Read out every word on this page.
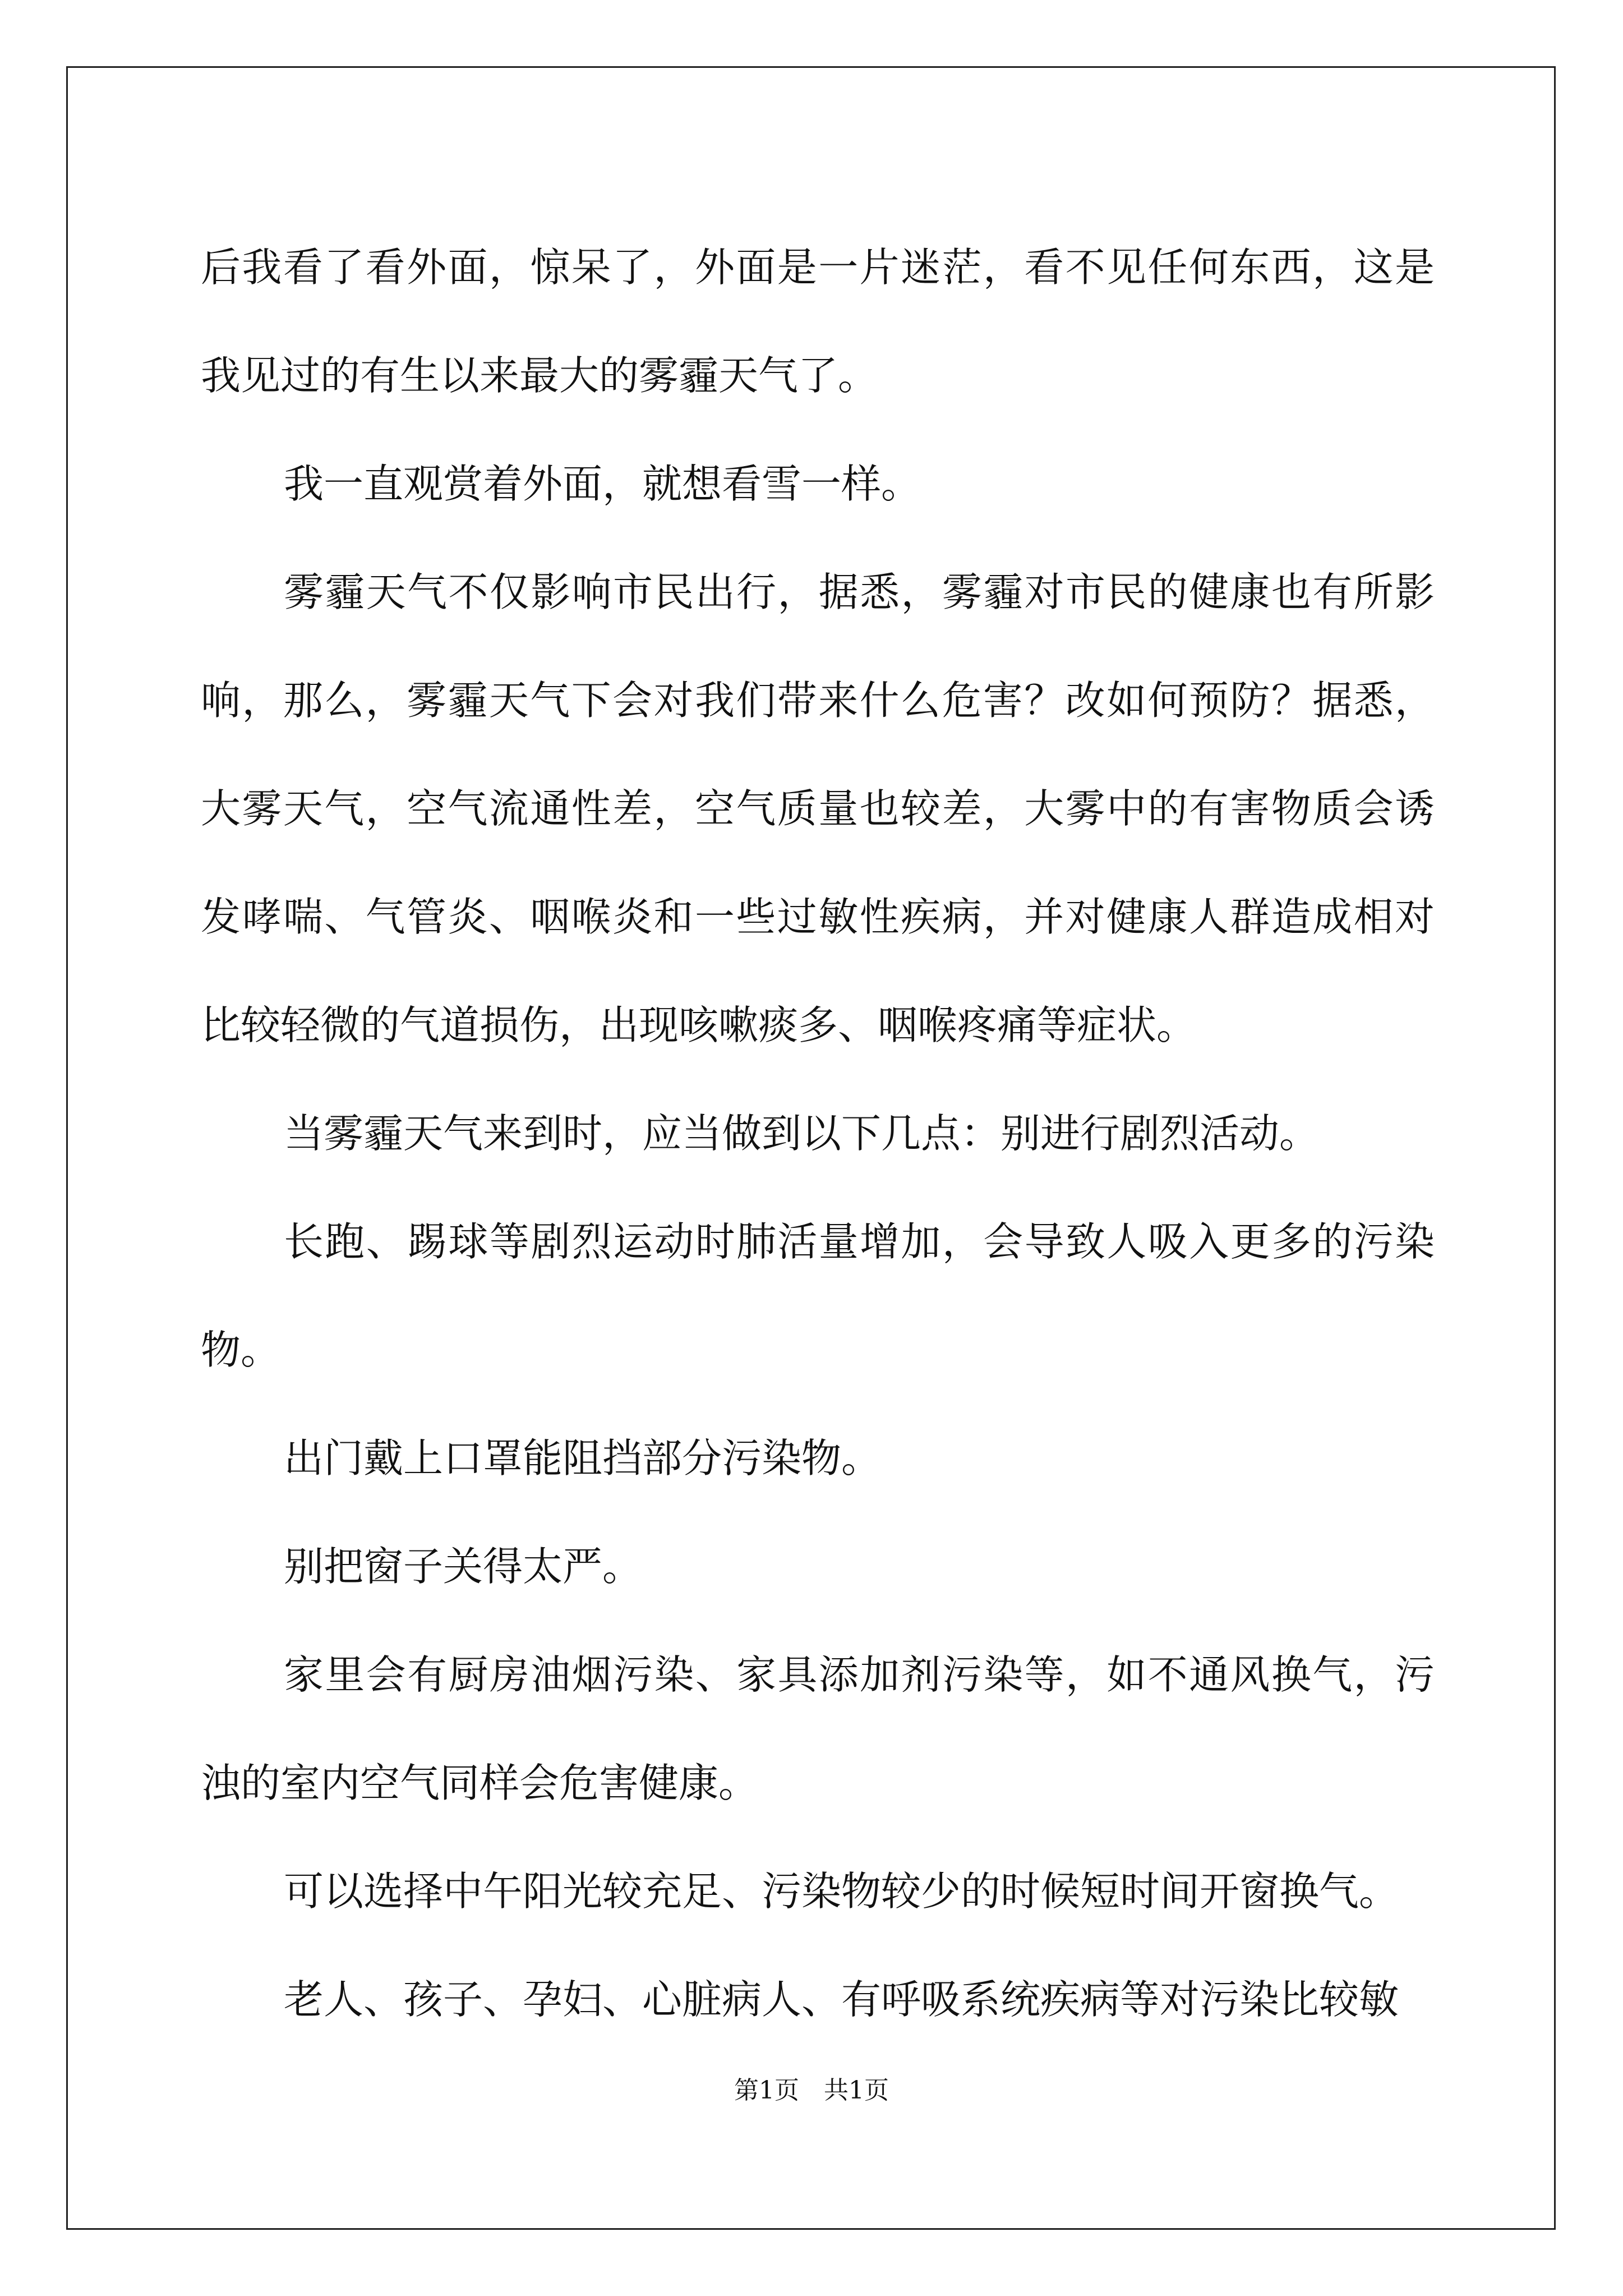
后我看了看外面，惊呆了，外面是一片迷茫，看不见任何东西，这是我见过的有生以来最大的雾霾天气了。

我一直观赏着外面，就想看雪一样。

雾霾天气不仅影响市民出行，据悉，雾霾对市民的健康也有所影响，那么，雾霾天气下会对我们带来什么危害？改如何预防？据悉，大雾天气，空气流通性差，空气质量也较差，大雾中的有害物质会诱发哮喘、气管炎、咽喉炎和一些过敏性疾病，并对健康人群造成相对比较轻微的气道损伤，出现咳嗽痰多、咽喉疼痛等症状。

当雾霾天气来到时，应当做到以下几点：别进行剧烈活动。

长跑、踢球等剧烈运动时肺活量增加，会导致人吸入更多的污染物。

出门戴上口罩能阻挡部分污染物。

别把窗子关得太严。

家里会有厨房油烟污染、家具添加剂污染等，如不通风换气，污浊的室内空气同样会危害健康。

可以选择中午阳光较充足、污染物较少的时候短时间开窗换气。

老人、孩子、孕妇、心脏病人、有呼吸系统疾病等对污染比较敏

第1页　共1页
